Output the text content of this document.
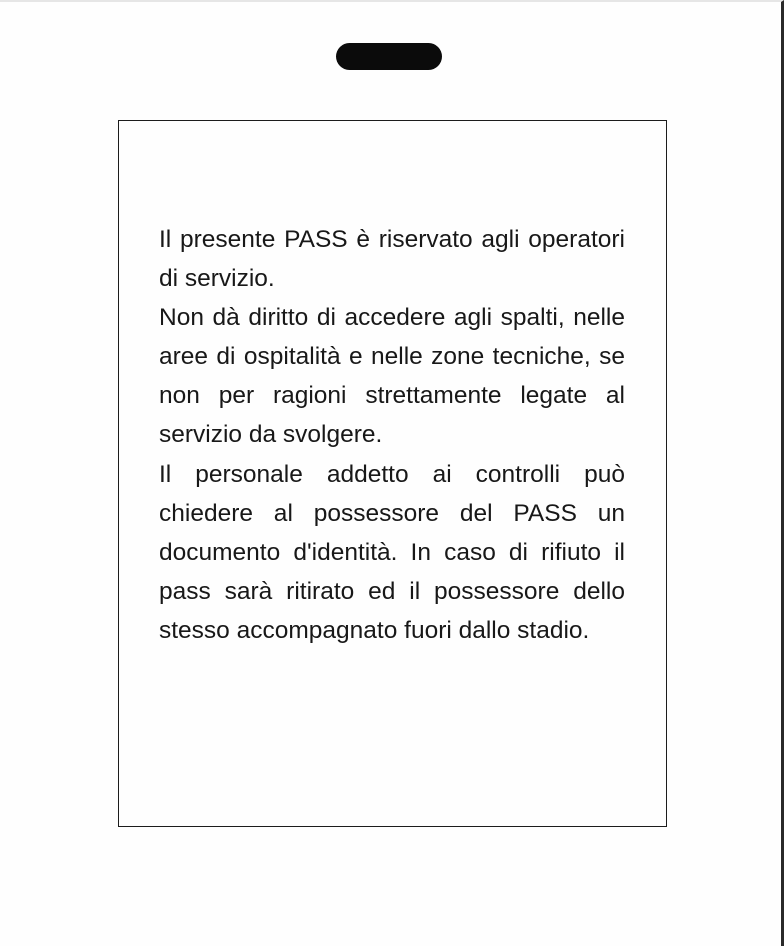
Il presente PASS è riservato agli operatori di servizio.

Non dà diritto di accedere agli spalti, nelle aree di ospitalità e nelle zone tecniche, se non per ragioni strettamente legate al servizio da svolgere.

Il personale addetto ai controlli può chiedere al possessore del PASS un documento d'identità. In caso di rifiuto il pass sarà ritirato ed il possessore dello stesso accompagnato fuori dallo stadio.
